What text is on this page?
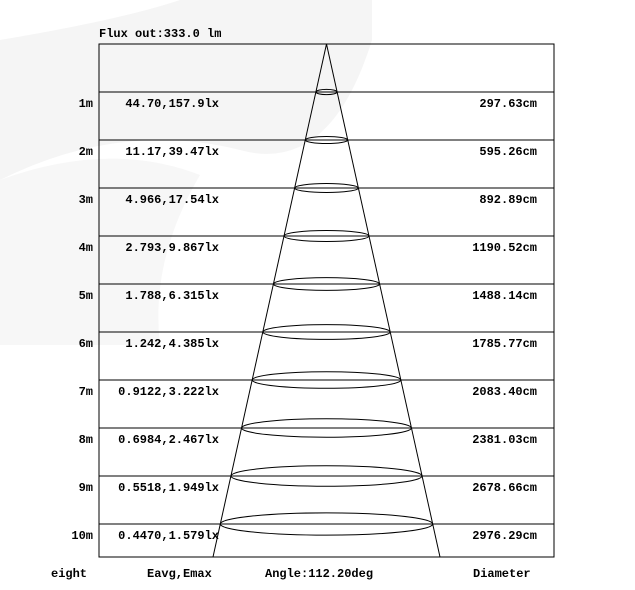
Flux out:333.0 lm
1m	44.70,157.9lx	297.63cm
2m	11.17,39.47lx	595.26cm
3m	4.966,17.54lx	892.89cm
4m	2.793,9.867lx	1190.52cm
5m	1.788,6.315lx	1488.14cm
6m	1.242,4.385lx	1785.77cm
7m 0.9122,3.222lx	2083.40cm
8m 0.6984,2.467lx	2381.03cm
9m 0.5518,1.949lx	2678.66cm
10m 0.4470,1.579lx	2976.29cm
eight	Eavg,Emax	Angle:112.20deg	Diameter
